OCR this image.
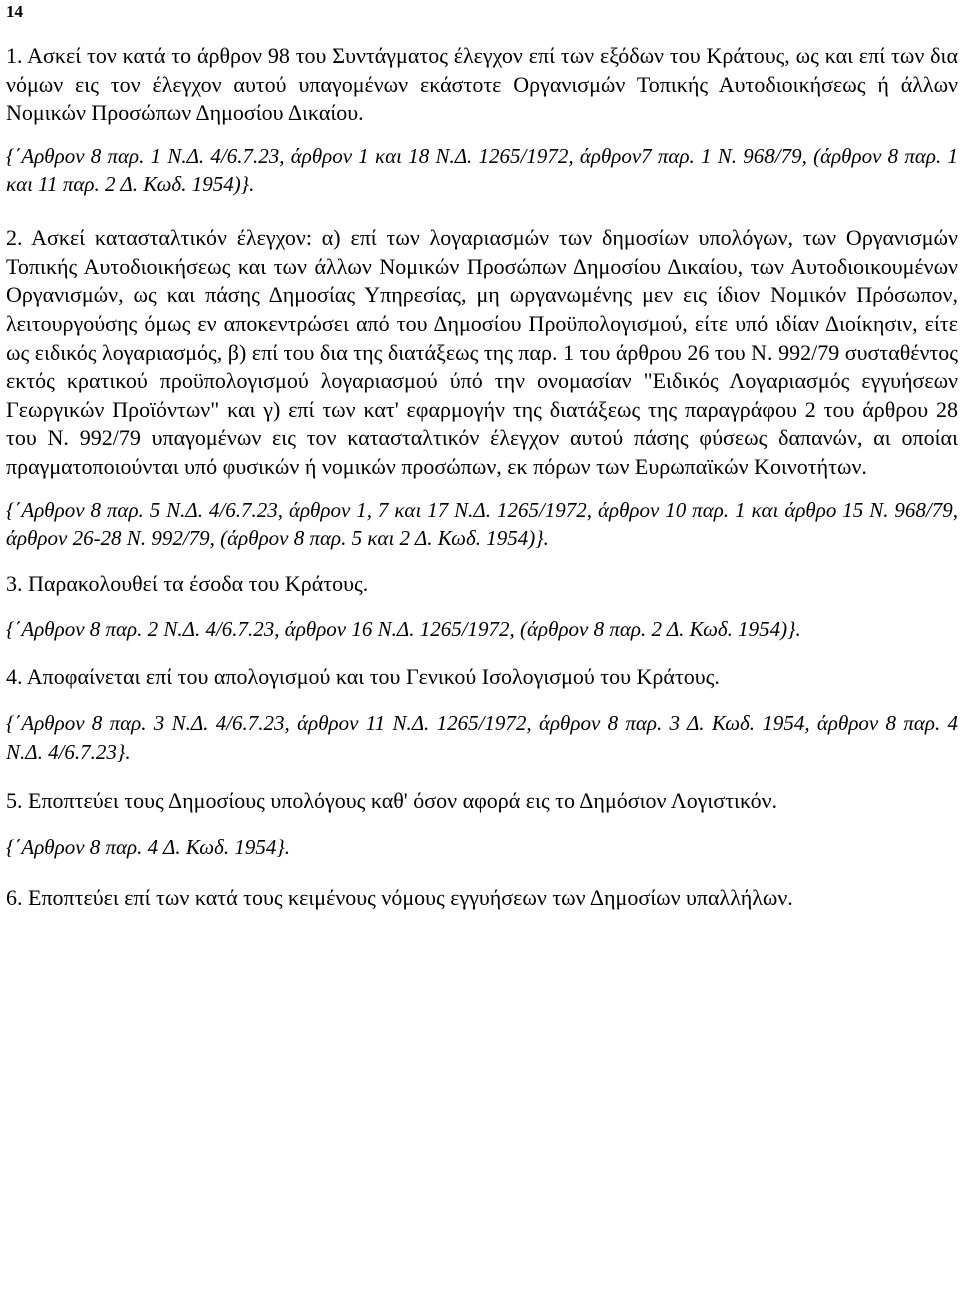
14

1. Ασκεί τον κατά το άρθρον 98 του Συντάγματος έλεγχον επί των εξόδων του Κράτους, ως και επί των δια νόμων εις τον έλεγχον αυτού υπαγομένων εκάστοτε Οργανισμών Τοπικής Αυτοδιοικήσεως ή άλλων Νομικών Προσώπων Δημοσίου Δικαίου.

{΄Αρθρον 8 παρ. 1 Ν.Δ. 4/6.7.23, άρθρον 1 και 18 Ν.Δ. 1265/1972, άρθρον7 παρ. 1 Ν. 968/79, (άρθρον 8 παρ. 1 και 11 παρ. 2 Δ. Κωδ. 1954)}.

2. Ασκεί κατασταλτικόν έλεγχον: α) επί των λογαριασμών των δημοσίων υπολόγων, των Οργανισμών Τοπικής Αυτοδιοικήσεως και των άλλων Νομικών Προσώπων Δημοσίου Δικαίου, των Αυτοδιοικουμένων Οργανισμών, ως και πάσης Δημοσίας Υπηρεσίας, μη ωργανωμένης μεν εις ίδιον Νομικόν Πρόσωπον, λειτουργούσης όμως εν αποκεντρώσει από του Δημοσίου Προϋπολογισμού, είτε υπό ιδίαν Διοίκησιν, είτε ως ειδικός λογαριασμός, β) επί του δια της διατάξεως της παρ. 1 του άρθρου 26 του Ν. 992/79 συσταθέντος εκτός κρατικού προϋπολογισμού λογαριασμού ύπό την ονομασίαν "Ειδικός Λογαριασμός εγγυήσεων Γεωργικών Προϊόντων" και γ) επί των κατ' εφαρμογήν της διατάξεως της παραγράφου 2 του άρθρου 28 του Ν. 992/79 υπαγομένων εις τον κατασταλτικόν έλεγχον αυτού πάσης φύσεως δαπανών, αι οποίαι πραγματοποιούνται υπό φυσικών ή νομικών προσώπων, εκ πόρων των Ευρωπαϊκών Κοινοτήτων.

{΄Αρθρον 8 παρ. 5 Ν.Δ. 4/6.7.23, άρθρον 1, 7 και 17 Ν.Δ. 1265/1972, άρθρον 10 παρ. 1 και άρθρο 15 Ν. 968/79, άρθρον 26-28 Ν. 992/79, (άρθρον 8 παρ. 5 και 2 Δ. Κωδ. 1954)}.

3. Παρακολουθεί τα έσοδα του Κράτους.

{΄Αρθρον 8 παρ. 2 Ν.Δ. 4/6.7.23, άρθρον 16 Ν.Δ. 1265/1972, (άρθρον 8 παρ. 2 Δ. Κωδ. 1954)}.

4. Αποφαίνεται επί του απολογισμού και του Γενικού Ισολογισμού του Κράτους.

{΄Αρθρον 8 παρ. 3 Ν.Δ. 4/6.7.23, άρθρον 11 Ν.Δ. 1265/1972, άρθρον 8 παρ. 3 Δ. Κωδ. 1954, άρθρον 8 παρ. 4 Ν.Δ. 4/6.7.23}.

5. Εποπτεύει τους Δημοσίους υπολόγους καθ' όσον αφορά εις το Δημόσιον Λογιστικόν.

{΄Αρθρον 8 παρ. 4 Δ. Κωδ. 1954}.

6. Εποπτεύει επί των κατά τους κειμένους νόμους εγγυήσεων των Δημοσίων υπαλλήλων.
